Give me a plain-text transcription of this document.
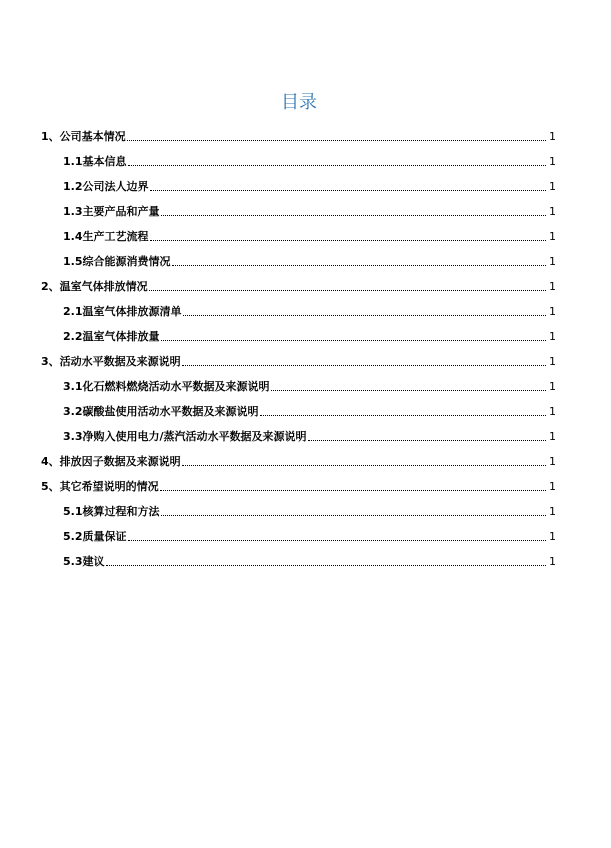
目录
1、公司基本情况	1
1.1基本信息	1
1.2公司法人边界	1
1.3主要产品和产量	1
1.4生产工艺流程	1
1.5综合能源消费情况	1
2、温室气体排放情况	1
2.1温室气体排放源清单	1
2.2温室气体排放量	1
3、活动水平数据及来源说明	1
3.1化石燃料燃烧活动水平数据及来源说明	1
3.2碳酸盐使用活动水平数据及来源说明	1
3.3净购入使用电力/蒸汽活动水平数据及来源说明	1
4、排放因子数据及来源说明	1
5、其它希望说明的情况	1
5.1核算过程和方法	1
5.2质量保证	1
5.3建议	1
